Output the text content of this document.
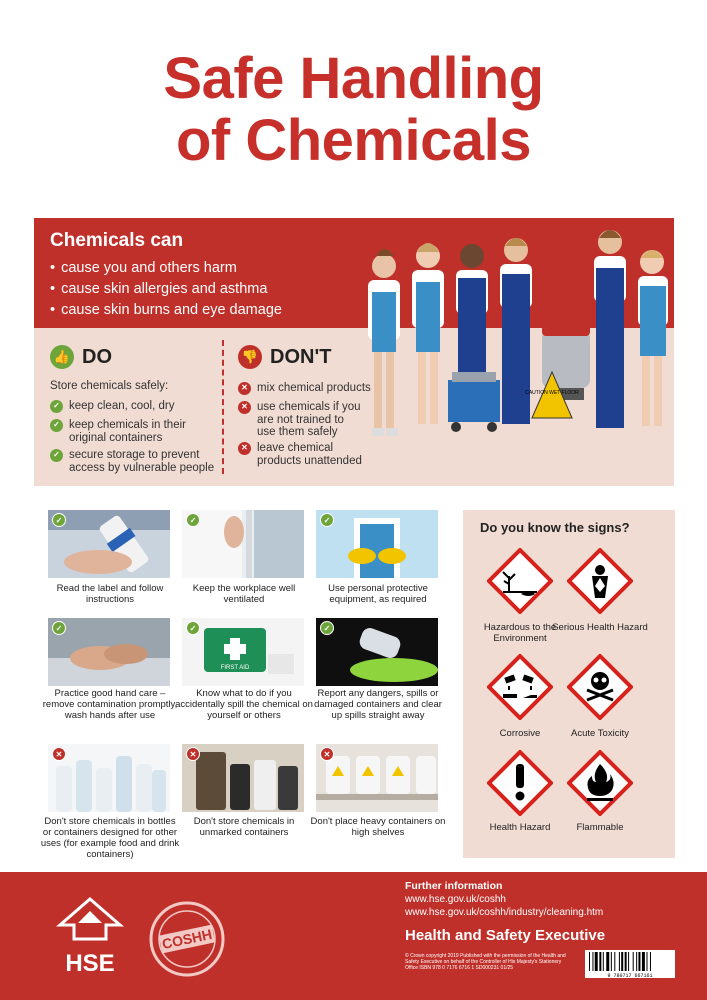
Safe Handling
of Chemicals
Chemicals can
• cause you and others harm
• cause skin allergies and asthma
• cause skin burns and eye damage
CAUTION WET FLOOR
👍 DO	👎 DON'T
Store chemicals safely:
✓ keep clean, cool, dry
✓ keep chemicals in their original containers
✓ secure storage to prevent access by vulnerable people
✕ mix chemical products
✕ use chemicals if you are not trained to use them safely
✕ leave chemical products unattended
✓
Read the label and follow instructions
✓
Keep the workplace well ventilated
✓
Use personal protective equipment, as required
✓
Practice good hand care – remove contamination promptly, wash hands after use
FIRST AID
✓
Know what to do if you accidentally spill the chemical on yourself or others
✓
Report any dangers, spills or damaged containers and clear up spills straight away
✕
Don't store chemicals in bottles or containers designed for other uses (for example food and drink containers)
✕
Don't store chemicals in unmarked containers
✕
Don't place heavy containers on high shelves
Do you know the signs?
Hazardous to the Environment
Serious Health Hazard
Corrosive	Acute Toxicity
Health Hazard	Flammable
HSE
COSHH
Further information
www.hse.gov.uk/coshh
www.hse.gov.uk/coshh/industry/cleaning.htm
Health and Safety Executive
© Crown copyright 2019 Published with the permission of the Health and Safety Executive on behalf of the Controller of His Majesty's Stationery Office ISBN 978 0 7176 6716 1 SD000231 01/25
9 780717 667161
